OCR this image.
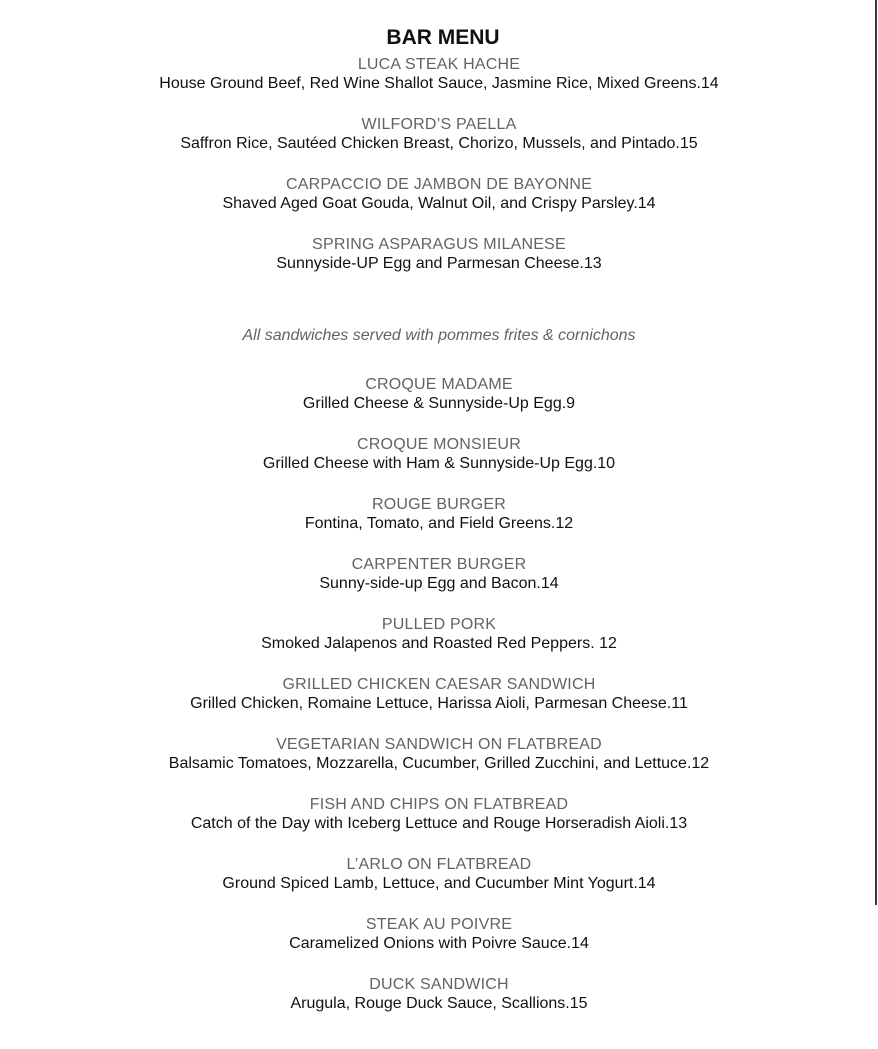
BAR MENU

LUCA STEAK HACHE

House Ground Beef, Red Wine Shallot Sauce, Jasmine Rice, Mixed Greens.14

WILFORD’S PAELLA

Saffron Rice, Sautéed Chicken Breast, Chorizo, Mussels, and Pintado.15

CARPACCIO DE JAMBON DE BAYONNE

Shaved Aged Goat Gouda, Walnut Oil, and Crispy Parsley.14

SPRING ASPARAGUS MILANESE

Sunnyside-UP Egg and Parmesan Cheese.13

All sandwiches served with pommes frites & cornichons

CROQUE MADAME

Grilled Cheese & Sunnyside-Up Egg.9

CROQUE MONSIEUR

Grilled Cheese with Ham & Sunnyside-Up Egg.10

ROUGE BURGER

Fontina, Tomato, and Field Greens.12

CARPENTER BURGER

Sunny-side-up Egg and Bacon.14

PULLED PORK

Smoked Jalapenos and Roasted Red Peppers. 12

GRILLED CHICKEN CAESAR SANDWICH

Grilled Chicken, Romaine Lettuce, Harissa Aioli, Parmesan Cheese.11

VEGETARIAN SANDWICH ON FLATBREAD

Balsamic Tomatoes, Mozzarella, Cucumber, Grilled Zucchini, and Lettuce.12

FISH AND CHIPS ON FLATBREAD

Catch of the Day with Iceberg Lettuce and Rouge Horseradish Aioli.13

L’ARLO ON FLATBREAD

Ground Spiced Lamb, Lettuce, and Cucumber Mint Yogurt.14

STEAK AU POIVRE

Caramelized Onions with Poivre Sauce.14

DUCK SANDWICH

Arugula, Rouge Duck Sauce, Scallions.15
